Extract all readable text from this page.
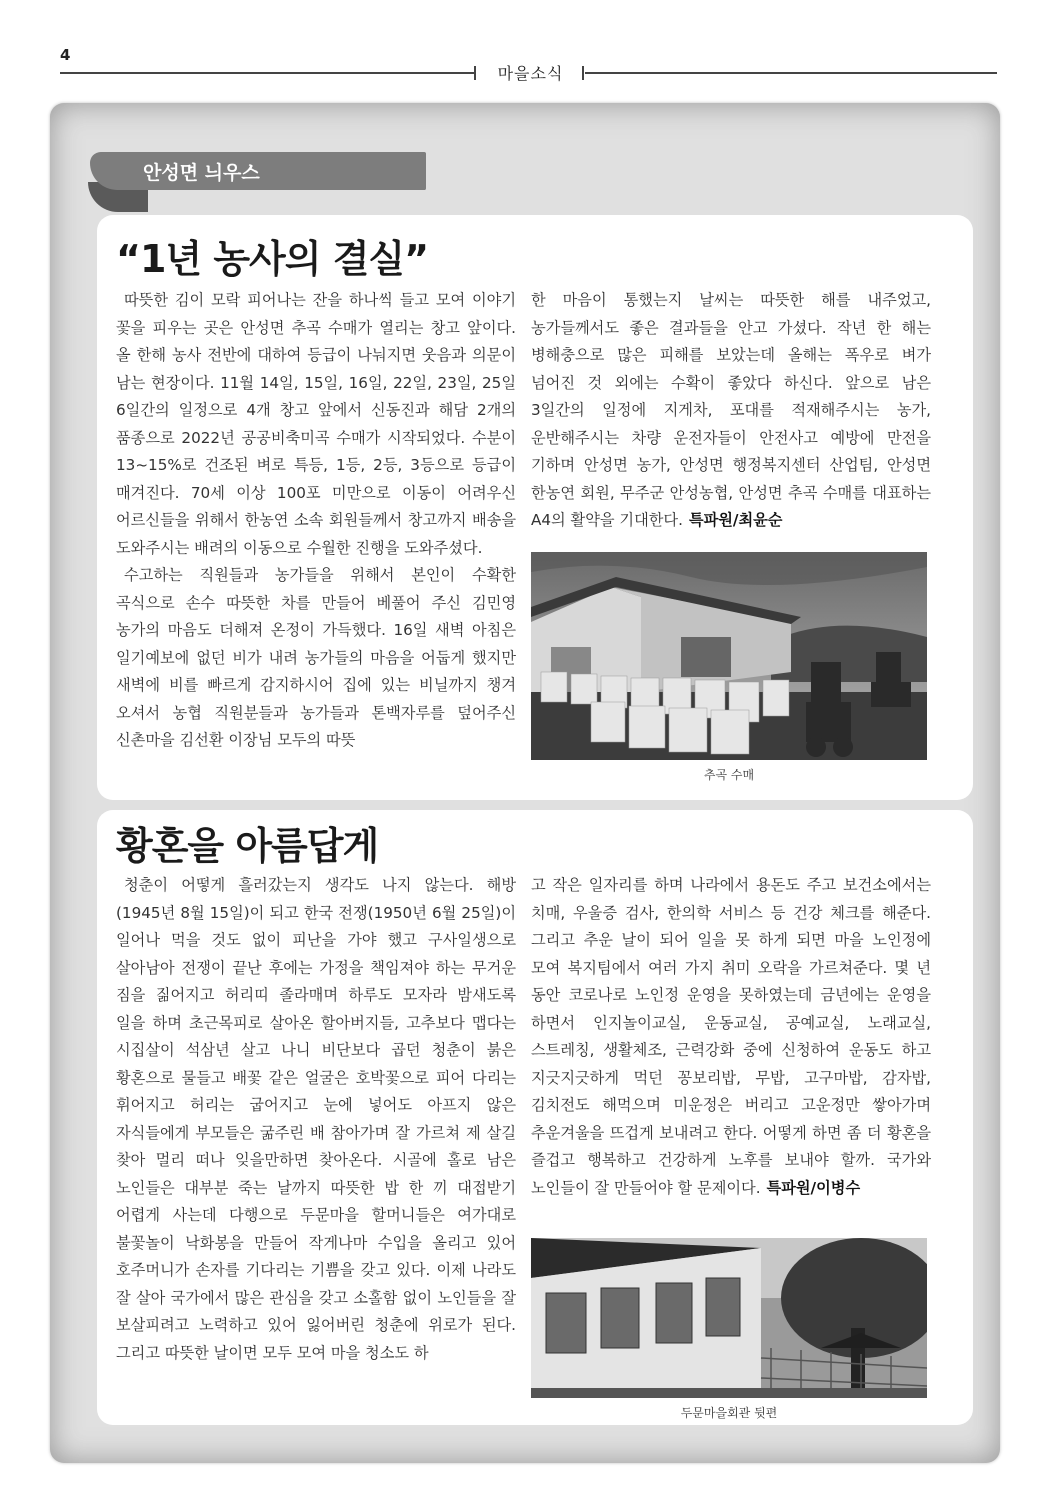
4
마을소식
안성면 늬우스
“1년 농사의 결실”

따뜻한 김이 모락 피어나는 잔을 하나씩 들고 모여 이야기 꽃을 피우는 곳은 안성면 추곡 수매가 열리는 창고 앞이다. 올 한해 농사 전반에 대하여 등급이 나눠지면 웃음과 의문이 남는 현장이다. 11월 14일, 15일, 16일, 22일, 23일, 25일 6일간의 일정으로 4개 창고 앞에서 신동진과 해담 2개의 품종으로 2022년 공공비축미곡 수매가 시작되었다. 수분이 13~15%로 건조된 벼로 특등, 1등, 2등, 3등으로 등급이 매겨진다. 70세 이상 100포 미만으로 이동이 어려우신 어르신들을 위해서 한농연 소속 회원들께서 창고까지 배송을 도와주시는 배려의 이동으로 수월한 진행을 도와주셨다.

수고하는 직원들과 농가들을 위해서 본인이 수확한 곡식으로 손수 따뜻한 차를 만들어 베풀어 주신 김민영 농가의 마음도 더해져 온정이 가득했다. 16일 새벽 아침은 일기예보에 없던 비가 내려 농가들의 마음을 어둡게 했지만 새벽에 비를 빠르게 감지하시어 집에 있는 비닐까지 챙겨 오셔서 농협 직원분들과 농가들과 톤백자루를 덮어주신 신촌마을 김선환 이장님 모두의 따뜻

한 마음이 통했는지 날씨는 따뜻한 해를 내주었고, 농가들께서도 좋은 결과들을 안고 가셨다. 작년 한 해는 병해충으로 많은 피해를 보았는데 올해는 폭우로 벼가 넘어진 것 외에는 수확이 좋았다 하신다. 앞으로 남은 3일간의 일정에 지게차, 포대를 적재해주시는 농가, 운반해주시는 차량 운전자들이 안전사고 예방에 만전을 기하며 안성면 농가, 안성면 행정복지센터 산업팀, 안성면 한농연 회원, 무주군 안성농협, 안성면 추곡 수매를 대표하는 A4의 활약을 기대한다. 특파원/최윤순

추곡 수매
황혼을 아름답게

청춘이 어떻게 흘러갔는지 생각도 나지 않는다. 해방(1945년 8월 15일)이 되고 한국 전쟁(1950년 6월 25일)이 일어나 먹을 것도 없이 피난을 가야 했고 구사일생으로 살아남아 전쟁이 끝난 후에는 가정을 책임져야 하는 무거운 짐을 짊어지고 허리띠 졸라매며 하루도 모자라 밤새도록 일을 하며 초근목피로 살아온 할아버지들, 고추보다 맵다는 시집살이 석삼년 살고 나니 비단보다 곱던 청춘이 붉은 황혼으로 물들고 배꽃 같은 얼굴은 호박꽃으로 피어 다리는 휘어지고 허리는 굽어지고 눈에 넣어도 아프지 않은 자식들에게 부모들은 굶주린 배 참아가며 잘 가르쳐 제 살길 찾아 멀리 떠나 잊을만하면 찾아온다. 시골에 홀로 남은 노인들은 대부분 죽는 날까지 따뜻한 밥 한 끼 대접받기 어렵게 사는데 다행으로 두문마을 할머니들은 여가대로 불꽃놀이 낙화봉을 만들어 작게나마 수입을 올리고 있어 호주머니가 손자를 기다리는 기쁨을 갖고 있다. 이제 나라도 잘 살아 국가에서 많은 관심을 갖고 소홀함 없이 노인들을 잘 보살피려고 노력하고 있어 잃어버린 청춘에 위로가 된다. 그리고 따뜻한 날이면 모두 모여 마을 청소도 하

고 작은 일자리를 하며 나라에서 용돈도 주고 보건소에서는 치매, 우울증 검사, 한의학 서비스 등 건강 체크를 해준다. 그리고 추운 날이 되어 일을 못 하게 되면 마을 노인정에 모여 복지팀에서 여러 가지 취미 오락을 가르쳐준다. 몇 년 동안 코로나로 노인정 운영을 못하였는데 금년에는 운영을 하면서 인지놀이교실, 운동교실, 공예교실, 노래교실, 스트레칭, 생활체조, 근력강화 중에 신청하여 운동도 하고 지긋지긋하게 먹던 꽁보리밥, 무밥, 고구마밥, 감자밥, 김치전도 해먹으며 미운정은 버리고 고운정만 쌓아가며 추운겨울을 뜨겁게 보내려고 한다. 어떻게 하면 좀 더 황혼을 즐겁고 행복하고 건강하게 노후를 보내야 할까. 국가와 노인들이 잘 만들어야 할 문제이다. 특파원/이병수

두문마을회관 뒷편
